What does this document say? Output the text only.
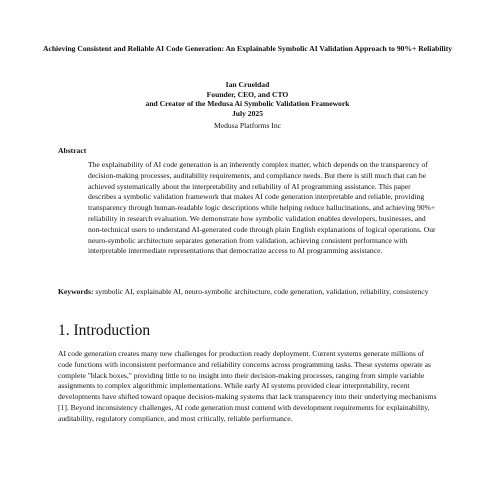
Achieving Consistent and Reliable AI Code Generation: An Explainable Symbolic AI Validation Approach to 90%+ Reliability
Ian Crueldad
Founder, CEO, and CTO
and Creator of the Medusa Ai Symbolic Validation Framework
July 2025
Medusa Platforms Inc
Abstract
The explainability of AI code generation is an inherently complex matter, which depends on the transparency of decision-making processes, auditability requirements, and compliance needs. But there is still much that can be achieved systematically about the interpretability and reliability of AI programming assistance. This paper describes a symbolic validation framework that makes AI code generation interpretable and reliable, providing transparency through human-readable logic descriptions while helping reduce hallucinations, and achieving 90%+ reliability in research evaluation. We demonstrate how symbolic validation enables developers, businesses, and non-technical users to understand AI-generated code through plain English explanations of logical operations. Our neuro-symbolic architecture separates generation from validation, achieving consistent performance with interpretable intermediate representations that democratize access to AI programming assistance.
Keywords: symbolic AI, explainable AI, neuro-symbolic architecture, code generation, validation, reliability, consistency
1. Introduction
AI code generation creates many new challenges for production ready deployment. Current systems generate millions of code functions with inconsistent performance and reliability concerns across programming tasks. These systems operate as complete "black boxes," providing little to no insight into their decision-making processes, ranging from simple variable assignments to complex algorithmic implementations. While early AI systems provided clear interpretability, recent developments have shifted toward opaque decision-making systems that lack transparency into their underlying mechanisms [1]. Beyond inconsistency challenges, AI code generation must contend with development requirements for explainability, auditability, regulatory compliance, and most critically, reliable performance.
